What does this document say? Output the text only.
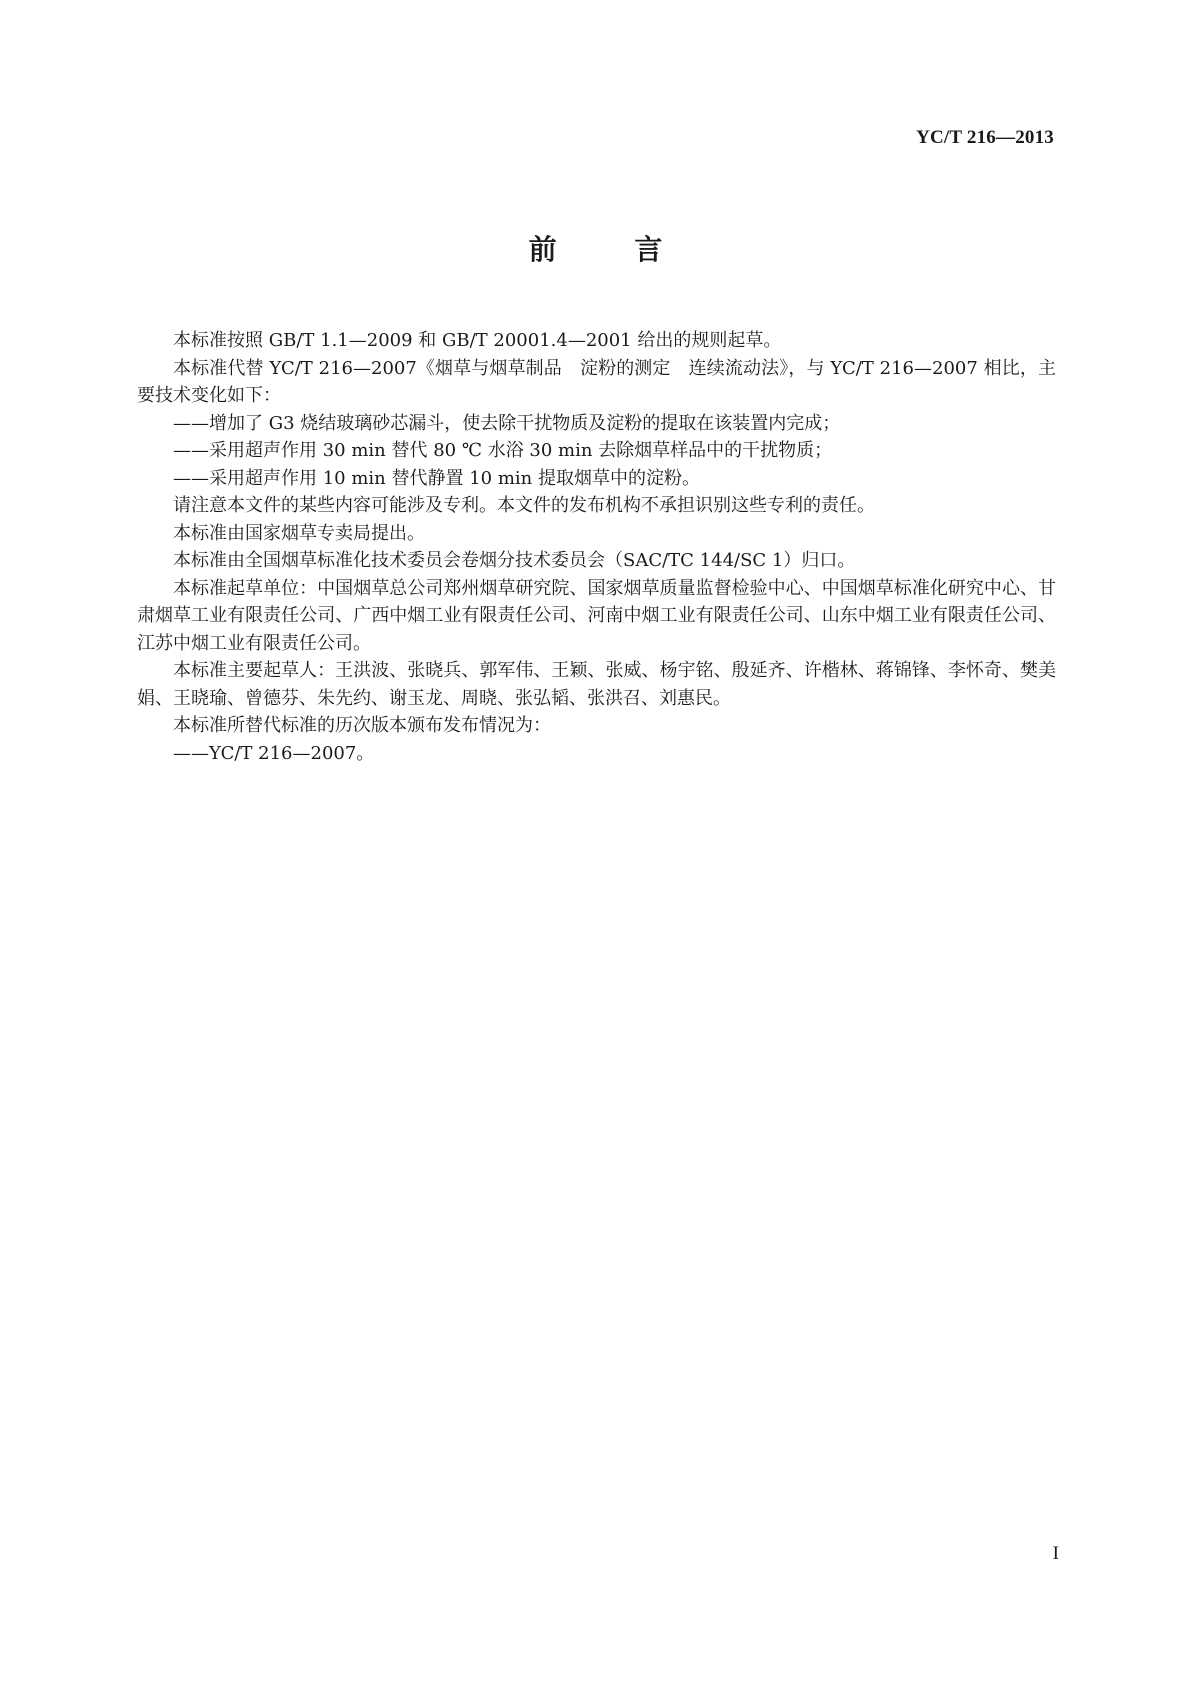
YC/T 216—2013
前 言

本标准按照 GB/T 1.1—2009 和 GB/T 20001.4—2001 给出的规则起草。

本标准代替 YC/T 216—2007《烟草与烟草制品　淀粉的测定　连续流动法》，与 YC/T 216—2007 相比，主要技术变化如下：

——增加了 G3 烧结玻璃砂芯漏斗，使去除干扰物质及淀粉的提取在该装置内完成；

——采用超声作用 30 min 替代 80 ℃ 水浴 30 min 去除烟草样品中的干扰物质；

——采用超声作用 10 min 替代静置 10 min 提取烟草中的淀粉。

请注意本文件的某些内容可能涉及专利。本文件的发布机构不承担识别这些专利的责任。

本标准由国家烟草专卖局提出。

本标准由全国烟草标准化技术委员会卷烟分技术委员会（SAC/TC 144/SC 1）归口。

本标准起草单位：中国烟草总公司郑州烟草研究院、国家烟草质量监督检验中心、中国烟草标准化研究中心、甘肃烟草工业有限责任公司、广西中烟工业有限责任公司、河南中烟工业有限责任公司、山东中烟工业有限责任公司、江苏中烟工业有限责任公司。

本标准主要起草人：王洪波、张晓兵、郭军伟、王颖、张威、杨宇铭、殷延齐、许楷林、蒋锦锋、李怀奇、樊美娟、王晓瑜、曾德芬、朱先约、谢玉龙、周晓、张弘韬、张洪召、刘惠民。

本标准所替代标准的历次版本颁布发布情况为：

——YC/T 216—2007。

I
